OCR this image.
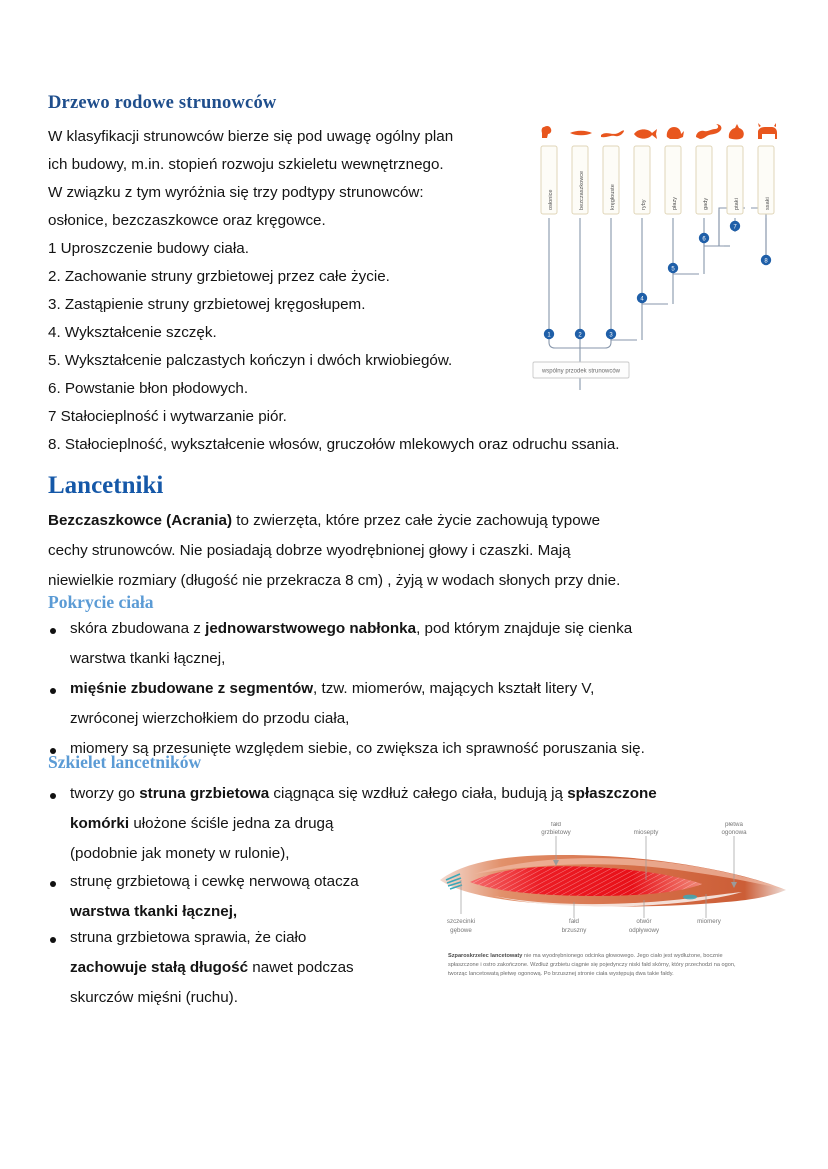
Drzewo rodowe strunowców
W klasyfikacji strunowców bierze się pod uwagę ogólny plan
ich budowy, m.in. stopień rozwoju szkieletu wewnętrznego.
W związku z tym wyróżnia się trzy podtypy strunowców:
osłonice, bezczaszkowce oraz kręgowce.
1 Uproszczenie budowy ciała.
2. Zachowanie struny grzbietowej przez całe życie.
3. Zastąpienie struny grzbietowej kręgosłupem.
4. Wykształcenie szczęk.
5. Wykształcenie palczastych kończyn i dwóch krwiobiegów.
6. Powstanie błon płodowych.
7 Stałocieplność i wytwarzanie piór.
8. Stałocieplność, wykształcenie włosów, gruczołów mlekowych oraz odruchu ssania.
osłonice	bezczaszkowce	kręgłouste	ryby	płazy	gady	ptaki	ssaki
1	2	3
4
5
6
7
8
wspólny przodek strunowców
Lancetniki
Bezczaszkowce (Acrania) to zwierzęta, które przez całe życie zachowują typowe
cechy strunowców. Nie posiadają dobrze wyodrębnionej głowy i czaszki. Mają
niewielkie rozmiary (długość nie przekracza 8 cm) , żyją w wodach słonych przy dnie.
Pokrycie ciała
skóra zbudowana z jednowarstwowego nabłonka, pod którym znajduje się cienka
warstwa tkanki łącznej,
mięśnie zbudowane z segmentów, tzw. miomerów, mających kształt litery V,
zwróconej wierzchołkiem do przodu ciała,
miomery są przesunięte względem siebie, co zwiększa ich sprawność poruszania się.
Szkielet lancetników
tworzy go struna grzbietowa ciągnąca się wzdłuż całego ciała, budują ją spłaszczone
komórki ułożone ściśle jedna za drugą
(podobnie jak monety w rulonie),
strunę grzbietową i cewkę nerwową otacza
warstwa tkanki łącznej,
struna grzbietowa sprawia, że ciało
zachowuje stałą długość nawet podczas
skurczów mięśni (ruchu).
fałd
grzbietowy	miosepty
płetwa
ogonowa
szczecinki
gębowe
fałd
brzuszny
otwór
odpływowy
miomery
Szparoskrzelec lancetowaty nie ma wyodrębnionego odcinka głowowego. Jego ciało jest wydłużone, bocznie spłaszczone i ostro zakończone. Wzdłuż grzbietu ciągnie się pojedynczy niski fałd skórny, który przechodzi na ogon, tworząc lancetowatą płetwę ogonową. Po brzusznej stronie ciała występują dwa takie fałdy.
